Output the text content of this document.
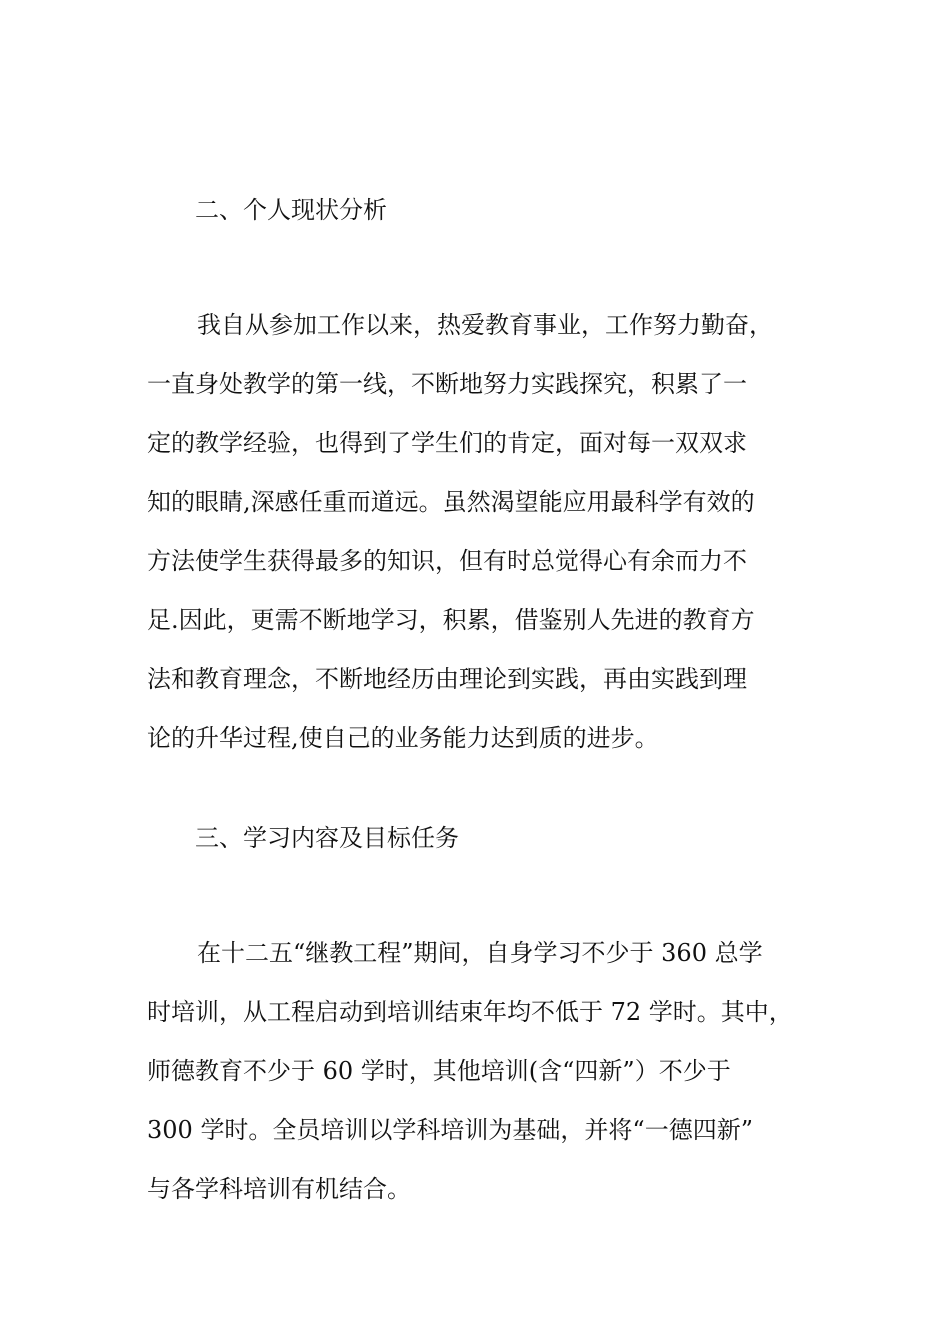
二、个人现状分析
我自从参加工作以来，热爱教育事业，工作努力勤奋，
一直身处教学的第一线，不断地努力实践探究，积累了一
定的教学经验，也得到了学生们的肯定，面对每一双双求
知的眼睛,深感任重而道远。虽然渴望能应用最科学有效的
方法使学生获得最多的知识，但有时总觉得心有余而力不
足.因此，更需不断地学习，积累，借鉴别人先进的教育方
法和教育理念，不断地经历由理论到实践，再由实践到理
论的升华过程,使自己的业务能力达到质的进步。
三、学习内容及目标任务
在十二五“继教工程”期间，自身学习不少于 360 总学
时培训，从工程启动到培训结束年均不低于 72 学时。其中，
师德教育不少于 60 学时，其他培训(含“四新”）不少于
300 学时。全员培训以学科培训为基础，并将“一德四新”
与各学科培训有机结合。
